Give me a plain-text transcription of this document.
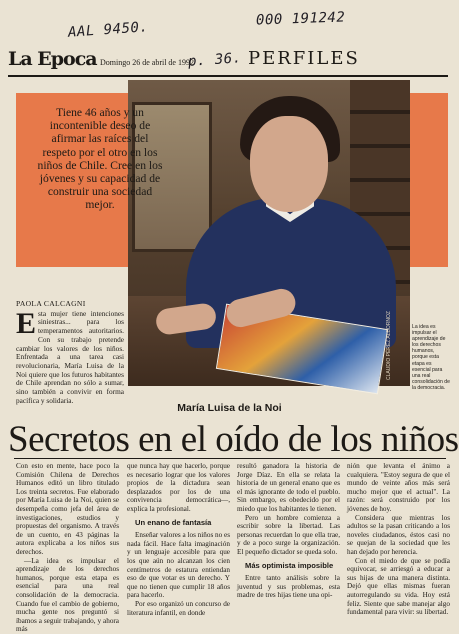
AAL 9450.
000 191242
p. 36.
La Epoca Domingo 26 de abril de 1992	PERFILES
CLAUDIO PÉREZ ALBORNOZ
Tiene 46 años y un incontenible deseo de afirmar las raíces del respeto por el otro en los niños de Chile. Cree en los jóvenes y su capacidad de construir una sociedad mejor.
La idea es impulsar el aprendizaje de los derechos humanos, porque esta etapa es esencial para una real consolidación de la democracia.
PAOLA CALCAGNI
E sta mujer tiene intenciones siniestras... para los temperamentos autoritarios. Con su trabajo pretende cambiar los valores de los niños. Enfrentada a una tarea casi revolucionaria, María Luisa de la Noi quiere que los futuros habitantes de Chile aprendan no sólo a sumar, sino también a convivir en forma pacífica y solidaria.
María Luisa de la Noi
Secretos en el oído de los niños

Con esto en mente, hace poco la Comisión Chilena de Derechos Humanos editó un libro titulado Los treinta secretos. Fue elaborado por María Luisa de la Noi, quien se desempeña como jefa del área de investigaciones, estudios y propuestas del organismo. A través de un cuento, en 43 páginas la autora explicaba a los niños sus derechos.

—La idea es impulsar el aprendizaje de los derechos humanos, porque esta etapa es esencial para una real consolidación de la democracia. Cuando fue el cambio de gobierno, mucha gente nos preguntó si íbamos a seguir trabajando, y ahora más

que nunca hay que hacerlo, porque es necesario lograr que los valores propios de la dictadura sean desplazados por los de una convivencia democrática—, explica la profesional.

Un enano de fantasía

Enseñar valores a los niños no es nada fácil. Hace falta imaginación y un lenguaje accesible para que los que aún no alcanzan los cien centímetros de estatura entiendan eso de que votar es un derecho. Y que no tienen que cumplir 18 años para hacerlo.

Por eso organizó un concurso de literatura infantil, en donde

resultó ganadora la historia de Jorge Díaz. En ella se relata la historia de un general enano que es el más ignorante de todo el pueblo. Sin embargo, es obedecido por el miedo que los habitantes le tienen.

Pero un hombre comienza a escribir sobre la libertad. Las personas recuerdan lo que ella trae, y de a poco surge la organización. El pequeño dictador se queda solo.

Más optimista imposible

Entre tanto análisis sobre la juventud y sus problemas, esta madre de tres hijas tiene una opi-

nión que levanta el ánimo a cualquiera. "Estoy segura de que el mundo de veinte años más será mucho mejor que el actual". La razón: será construido por los jóvenes de hoy.

Considera que mientras los adultos se la pasan criticando a los noveles ciudadanos, éstos casi no se quejan de la sociedad que les han dejado por herencia.

Con el miedo de que se podía equivocar, se arriesgó a educar a sus hijas de una manera distinta. Dejó que ellas mismas fueran autorregulando su vida. Hoy está feliz. Siente que sabe manejar algo fundamental para vivir: su libertad.
